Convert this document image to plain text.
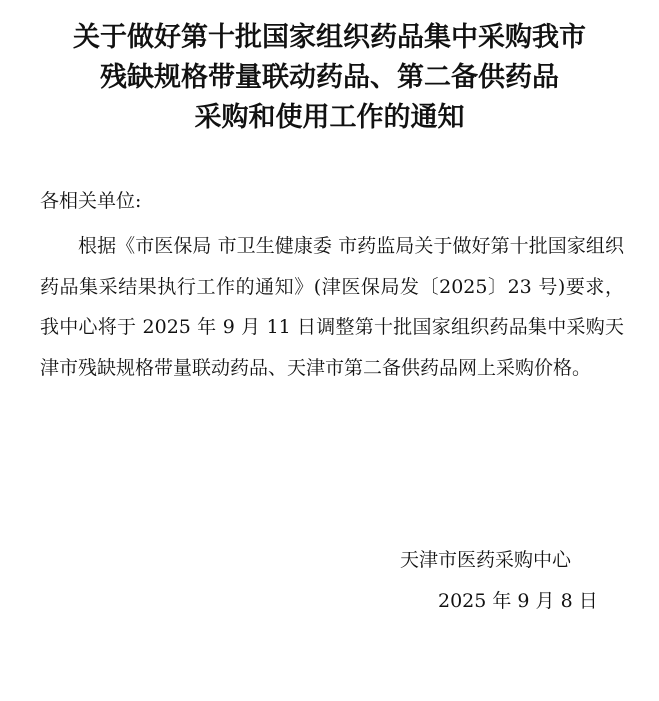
关于做好第十批国家组织药品集中采购我市
残缺规格带量联动药品、第二备供药品
采购和使用工作的通知
各相关单位:

根据《市医保局 市卫生健康委 市药监局关于做好第十批国家组织药品集采结果执行工作的通知》(津医保局发〔2025〕23 号)要求，我中心将于 2025 年 9 月 11 日调整第十批国家组织药品集中采购天津市残缺规格带量联动药品、天津市第二备供药品网上采购价格。

天津市医药采购中心
2025 年 9 月 8 日
